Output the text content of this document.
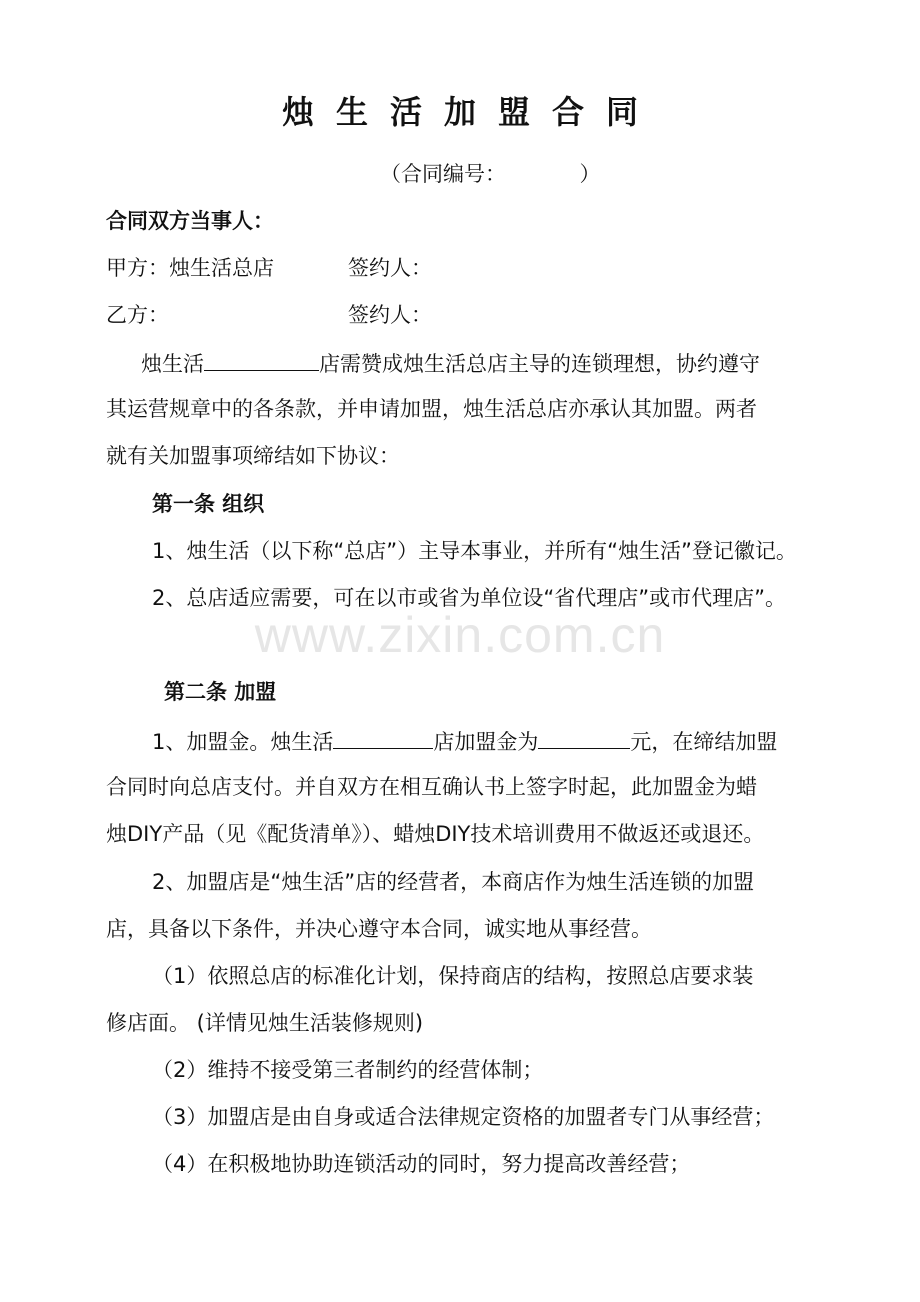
烛生活加盟合同
（合同编号：　　　　）
合同双方当事人：
甲方：烛生活总店	签约人：
乙方：	签约人：
烛生活	店需赞成烛生活总店主导的连锁理想，协约遵守
其运营规章中的各条款，并申请加盟，烛生活总店亦承认其加盟。两者
就有关加盟事项缔结如下协议：
第一条 组织
1、烛生活（以下称“总店”）主导本事业，并所有“烛生活”登记徽记。
2、总店适应需要，可在以市或省为单位设“省代理店”或市代理店”。
www.zixin.com.cn
第二条 加盟
1、加盟金。烛生活	店加盟金为	元，在缔结加盟
合同时向总店支付。并自双方在相互确认书上签字时起，此加盟金为蜡
烛DIY产品（见《配货清单》）、蜡烛DIY技术培训费用不做返还或退还。
2、加盟店是“烛生活”店的经营者，本商店作为烛生活连锁的加盟
店，具备以下条件，并决心遵守本合同，诚实地从事经营。
（1）依照总店的标准化计划，保持商店的结构，按照总店要求装
修店面。 (详情见烛生活装修规则)
（2）维持不接受第三者制约的经营体制；
（3）加盟店是由自身或适合法律规定资格的加盟者专门从事经营；
（4）在积极地协助连锁活动的同时，努力提高改善经营；
